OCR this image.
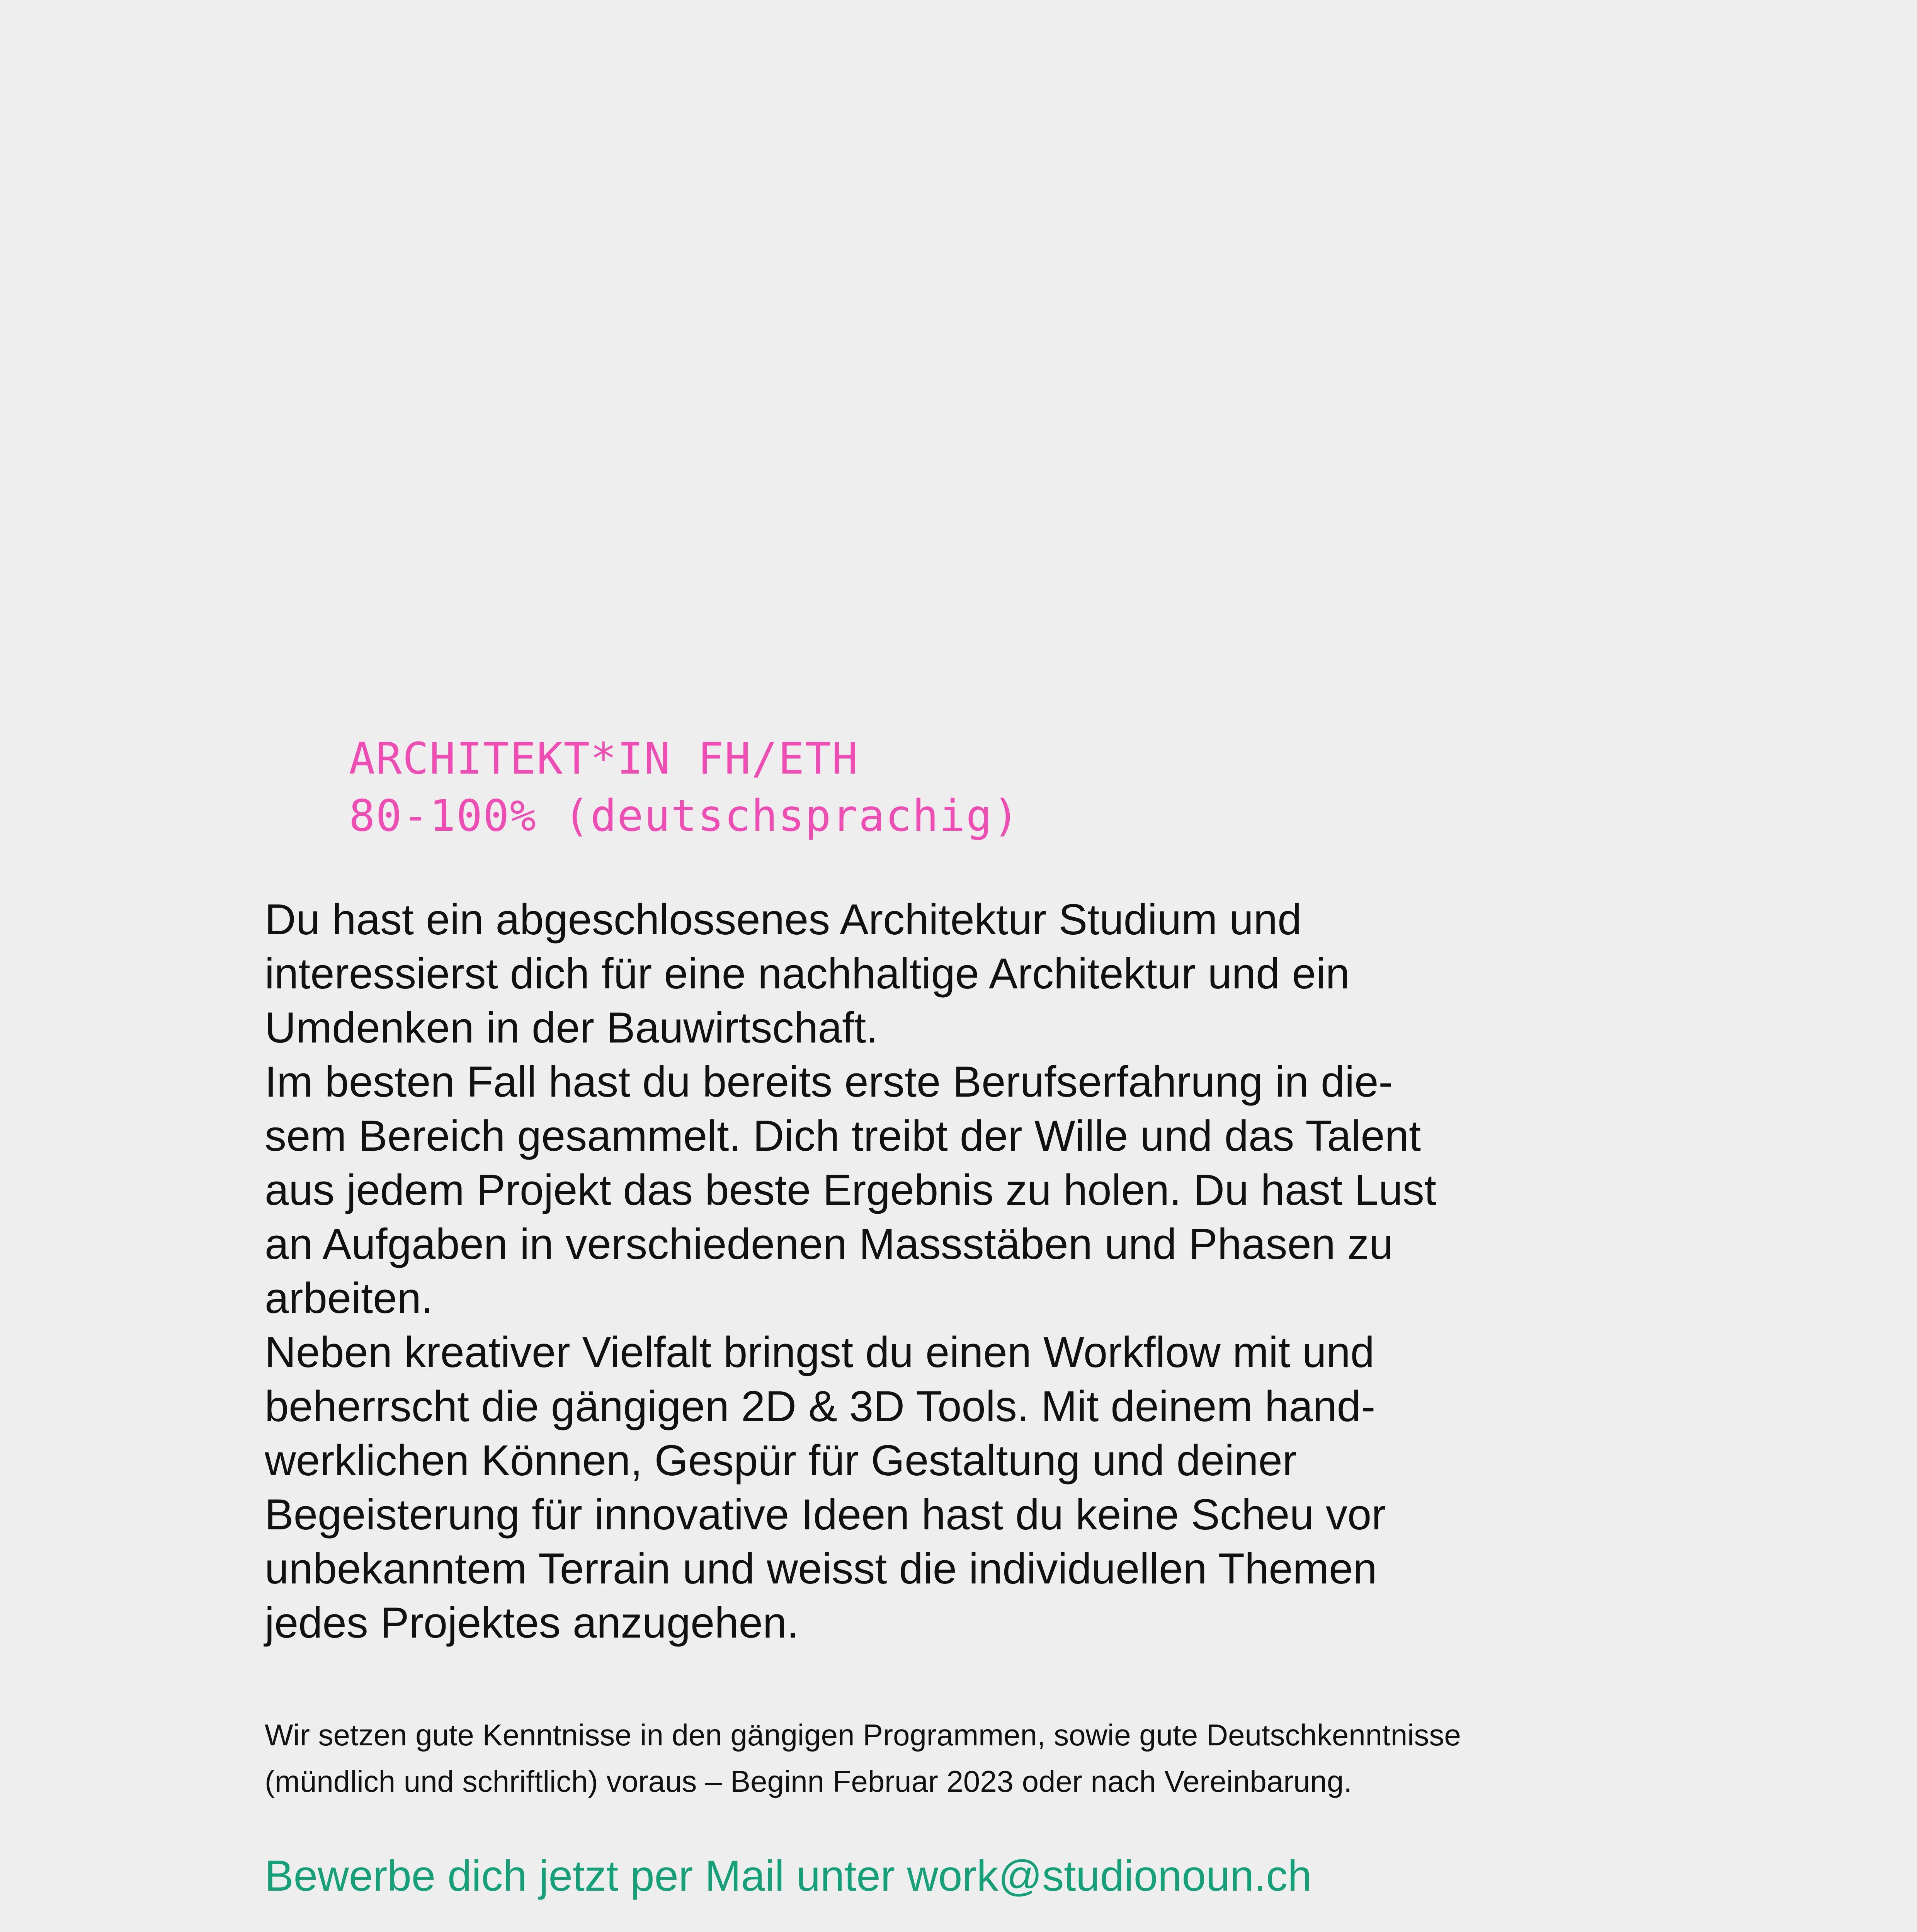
ARCHITEKT*IN FH/ETH
80-100% (deutschsprachig)

Du hast ein abgeschlossenes Architektur Studium und
interessierst dich für eine nachhaltige Architektur und ein
Umdenken in der Bauwirtschaft.

Im besten Fall hast du bereits erste Berufserfahrung in die-
sem Bereich gesammelt. Dich treibt der Wille und das Talent
aus jedem Projekt das beste Ergebnis zu holen. Du hast Lust
an Aufgaben in verschiedenen Massstäben und Phasen zu
arbeiten.

Neben kreativer Vielfalt bringst du einen Workflow mit und
beherrscht die gängigen 2D & 3D Tools. Mit deinem hand-
werklichen Können, Gespür für Gestaltung und deiner
Begeisterung für innovative Ideen hast du keine Scheu vor
unbekanntem Terrain und weisst die individuellen Themen
jedes Projektes anzugehen.

Wir setzen gute Kenntnisse in den gängigen Programmen, sowie gute Deutschkenntnisse
(mündlich und schriftlich) voraus – Beginn Februar 2023 oder nach Vereinbarung.

Bewerbe dich jetzt per Mail unter work@studionoun.ch
